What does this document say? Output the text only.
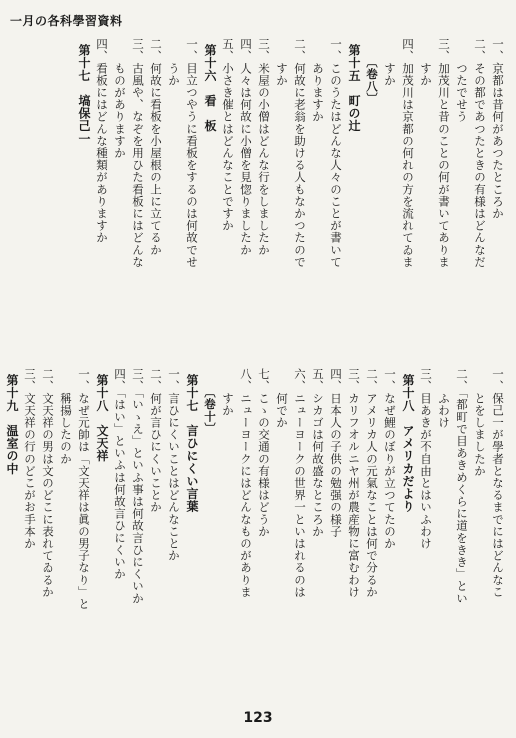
一月の各科學習資料
一、京都は昔何があつたところか
二、その都であつたときの有様はどんなだ
　　つたでせう
三、加茂川と昔のことの何が書いてありま
　　すか
四、加茂川は京都の何れの方を流れてゐま
　　すか
〔卷八〕
第十五　町の辻
一、このうたはどんな人々のことが書いて
　　ありますか
二、何故に老翁を助ける人もなかつたので
　　すか
三、米屋の小僧はどんな行をしましたか
四、人々は何故に小僧を見惚りましたか
五、小さき催とはどんなことですか
第十六　看　板
一、目立つやうに看板をするのは何故でせ
　　うか
二、何故に看板を小屋根の上に立てるか
三、古風や、なぞを用ひた看板にはどんな
　　ものがありますか
四、看板にはどんな種類がありますか
第十七　塙保己一
一、保己一が學者となるまでにはどんなこ
　　とをしましたか
二、「都町で目あきめくらに道をきき」とい
　　ふわけ
三、目あきが不自由とはいふわけ
第十八　アメリカだより
一、なぜ鯉のぼりが立つてたのか
二、アメリカ人の元氣なことは何で分るか
三、カリフオルニヤ州が農産物に富むわけ
四、日本人の子供の勉强の様子
五、シカゴは何故盛なところか
六、ニューヨークの世界一といはれるのは
　　何でか
七、こゝの交通の有様はどうか
八、ニューヨークにはどんなものがありま
　　すか
〔卷十〕
第十七　言ひにくい言葉
一、言ひにくいことはどんなことか
二、何が言ひにくいことか
三、「いゝえ」といふ事は何故言ひにくいか
四、「はい」といふは何故言ひにくいか
第十八　文天祥
一、なぜ元帥は「文天祥は眞の男子なり」と
　　稱揚したのか
二、文天祥の男は文のどこに表れてゐるか
三、文天祥の行のどこがお手本か
第十九　温室の中
123
